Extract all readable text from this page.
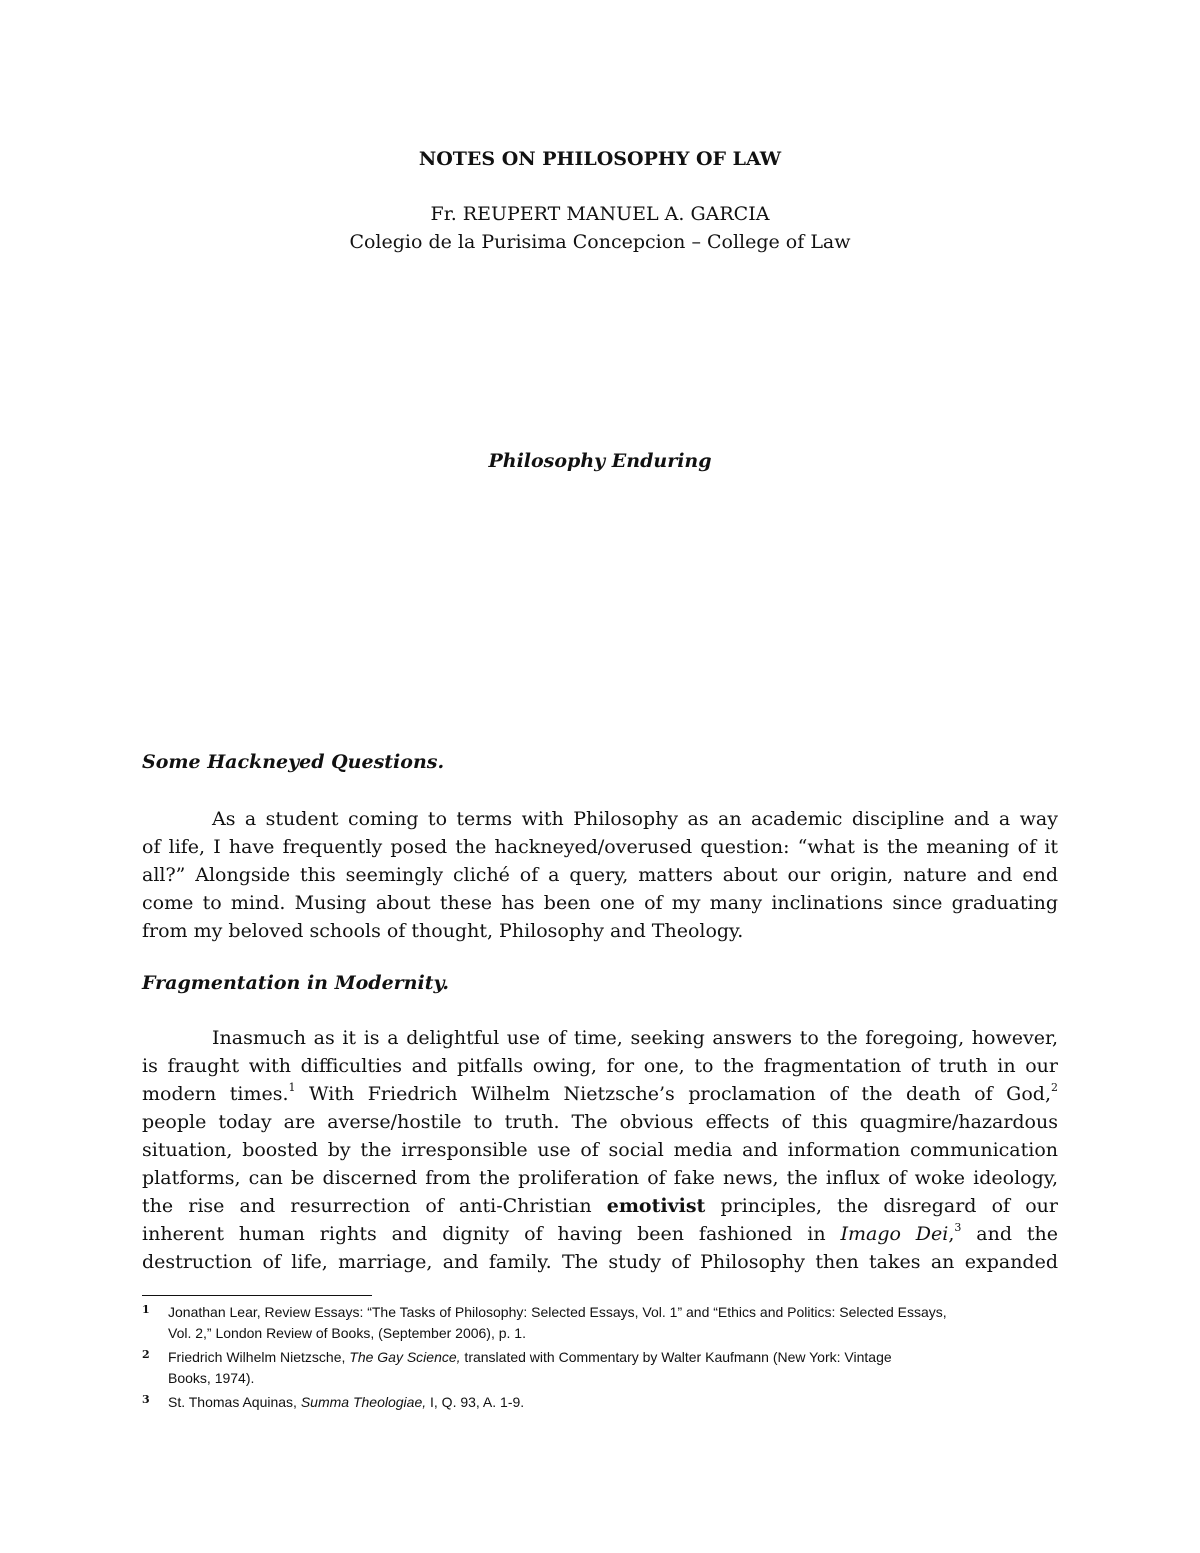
NOTES ON PHILOSOPHY OF LAW
Fr. REUPERT MANUEL A. GARCIA
Colegio de la Purisima Concepcion – College of Law
Philosophy Enduring
Some Hackneyed Questions.
As a student coming to terms with Philosophy as an academic discipline and a way
of life, I have frequently posed the hackneyed/overused question: “what is the meaning of it
all?” Alongside this seemingly cliché of a query, matters about our origin, nature and end
come to mind. Musing about these has been one of my many inclinations since graduating
from my beloved schools of thought, Philosophy and Theology.
Fragmentation in Modernity.
Inasmuch as it is a delightful use of time, seeking answers to the foregoing, however,
is fraught with difficulties and pitfalls owing, for one, to the fragmentation of truth in our
modern times.$^1$ With Friedrich Wilhelm Nietzsche’s proclamation of the death of God,$^2$
people today are averse/hostile to truth. The obvious effects of this quagmire/hazardous
situation, boosted by the irresponsible use of social media and information communication
platforms, can be discerned from the proliferation of fake news, the influx of woke ideology,
the rise and resurrection of anti-Christian emotivist principles, the disregard of our
inherent human rights and dignity of having been fashioned in Imago Dei,$^3$ and the
destruction of life, marriage, and family. The study of Philosophy then takes an expanded
1 Jonathan Lear, Review Essays: “The Tasks of Philosophy: Selected Essays, Vol. 1” and “Ethics and Politics: Selected Essays,
Vol. 2,” London Review of Books, (September 2006), p. 1.
2 Friedrich Wilhelm Nietzsche, The Gay Science, translated with Commentary by Walter Kaufmann (New York: Vintage
Books, 1974).
3 St. Thomas Aquinas, Summa Theologiae, I, Q. 93, A. 1-9.
